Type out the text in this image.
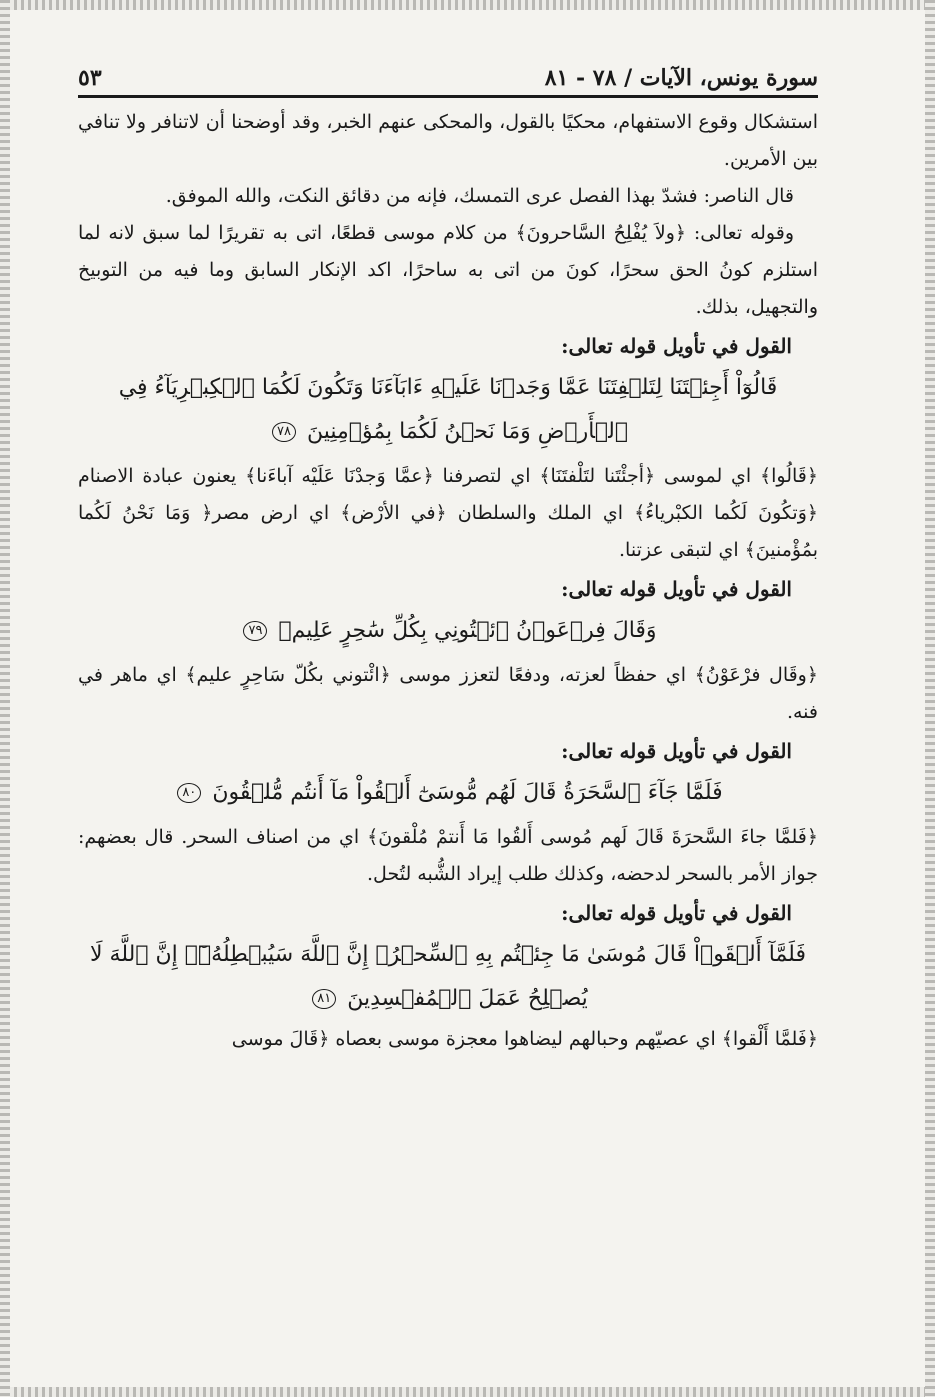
سورة يونس، الآيات / ٧٨ - ٨١
٥٣

استشكال وقوع الاستفهام، محكيًا بالقول، والمحكى عنهم الخبر، وقد أوضحنا أن لاتنافر ولا تنافي بين الأمرين.

قال الناصر: فشدّ بهذا الفصل عرى التمسك، فإنه من دقائق النكت، والله الموفق.

وقوله تعالى: ﴿ولاَ يُفْلِحُ السَّاحرونَ﴾ من كلام موسى قطعًا، اتى به تقريرًا لما سبق لانه لما استلزم كونُ الحق سحرًا، كونَ من اتى به ساحرًا، اكد الإنكار السابق وما فيه من التوبيخ والتجهيل، بذلك.

القول في تأويل قوله تعالى:
قَالُوٓاْ أَجِئۡتَنَا لِتَلۡفِتَنَا عَمَّا وَجَدۡنَا عَلَيۡهِ ءَابَآءَنَا وَتَكُونَ لَكُمَا ٱلۡكِبۡرِيَآءُ فِي ٱلۡأَرۡضِ وَمَا نَحۡنُ لَكُمَا بِمُؤۡمِنِينَ ٧٨

﴿قَالُوا﴾ اي لموسى ﴿أجئْتَنا لتَلْفتَنَا﴾ اي لتصرفنا ﴿عمَّا وَجدْنَا عَلَيْه آباءَنا﴾ يعنون عبادة الاصنام ﴿وَتكُونَ لَكُما الكبْرياءُ﴾ اي الملك والسلطان ﴿في الأرْض﴾ اي ارض مصر﴿ وَمَا نَحْنُ لَكُما بمُؤْمنينَ﴾ اي لتبقى عزتنا.

القول في تأويل قوله تعالى:
وَقَالَ فِرۡعَوۡنُ ٱئۡتُونِي بِكُلِّ سَٰحِرٍ عَلِيمٖ ٧٩

﴿وقَال فرْعَوْنُ﴾ اي حفظاً لعزته، ودفعًا لتعزز موسى ﴿ائْتوني بكُلّ سَاحِرٍ عليم﴾ اي ماهر في فنه.

القول في تأويل قوله تعالى:
فَلَمَّا جَآءَ ٱلسَّحَرَةُ قَالَ لَهُم مُّوسَىٰٓ أَلۡقُواْ مَآ أَنتُم مُّلۡقُونَ ٨٠

﴿فَلمَّا جاءَ السَّحرَةَ قَالَ لَهم مُوسى أَلقُوا مَا أَنتمْ مُلْقونَ﴾ اي من اصناف السحر. قال بعضهم: جواز الأمر بالسحر لدحضه، وكذلك طلب إيراد الشُّبه لتُحل.

القول في تأويل قوله تعالى:
فَلَمَّآ أَلۡقَوۡاْ قَالَ مُوسَىٰ مَا جِئۡتُم بِهِ ٱلسِّحۡرُۖ إِنَّ ٱللَّهَ سَيُبۡطِلُهُۥٓۖ إِنَّ ٱللَّهَ لَا يُصۡلِحُ عَمَلَ ٱلۡمُفۡسِدِينَ ٨١

﴿فَلمَّا أَلْقوا﴾ اي عصيّهم وحبالهم ليضاهوا معجزة موسى بعصاه ﴿قَالَ موسى
